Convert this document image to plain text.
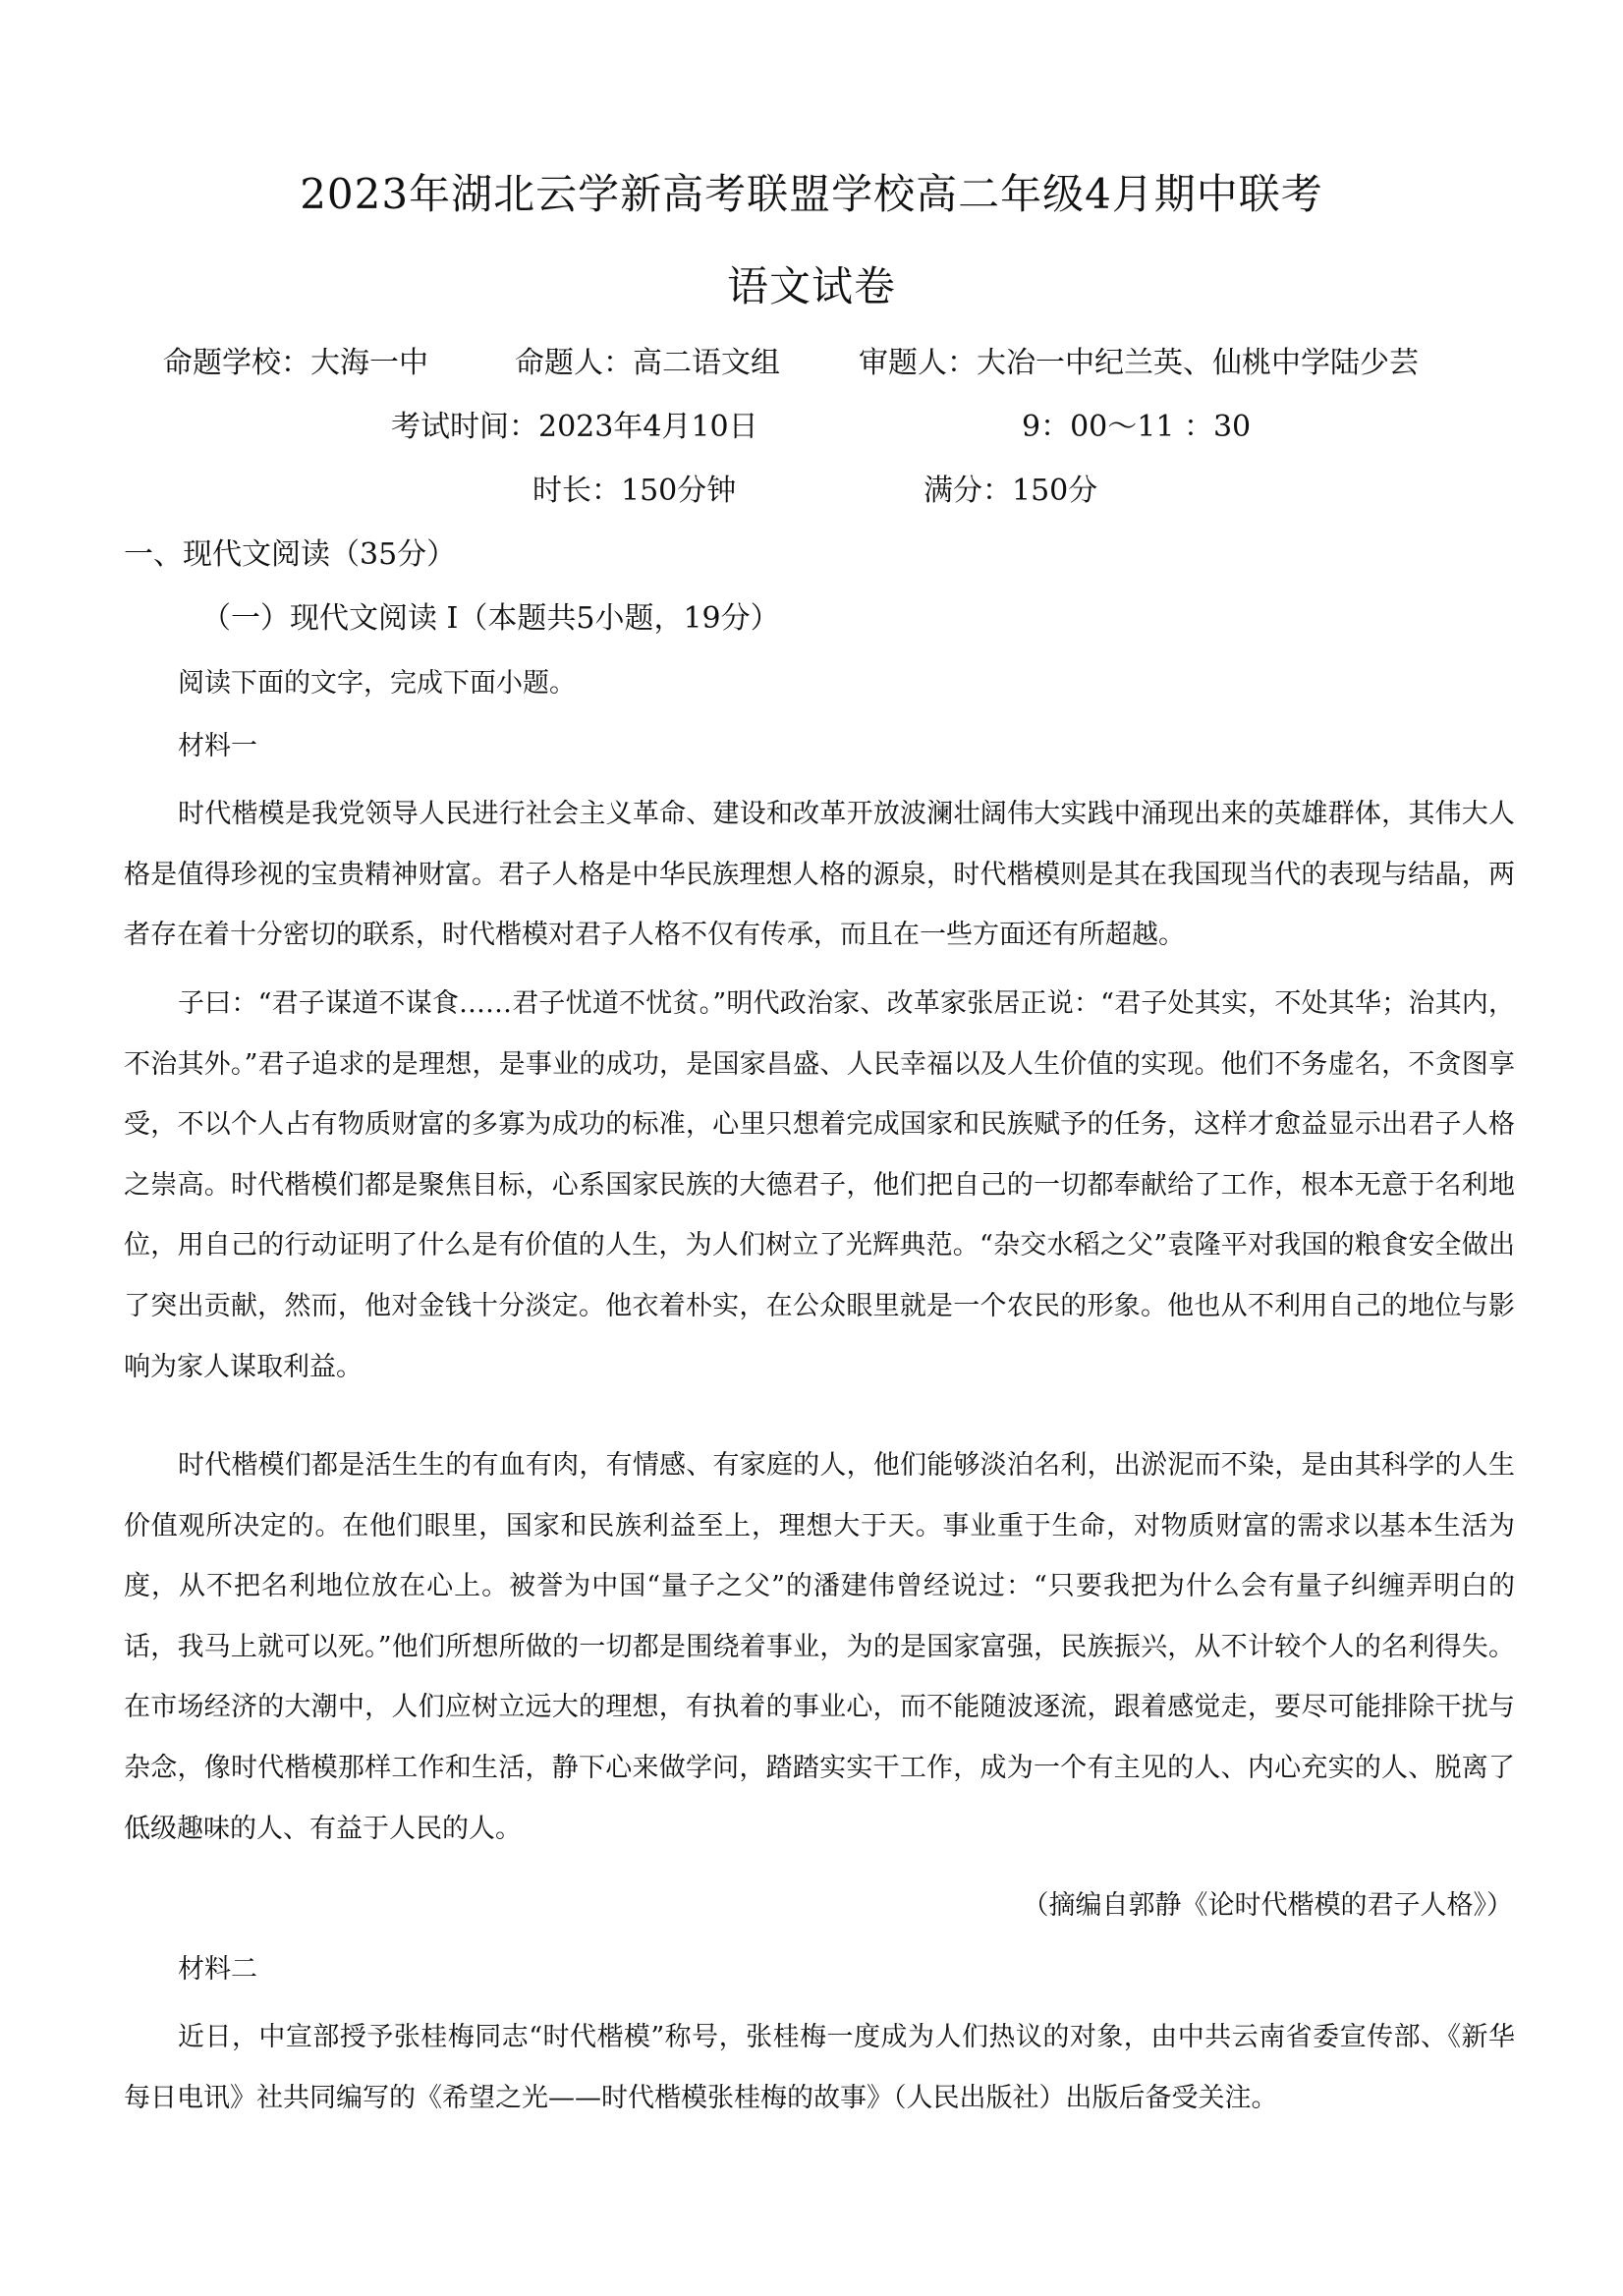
2023年湖北云学新高考联盟学校高二年级4月期中联考
语文试卷
命题学校：大海一中	命题人：高二语文组	审题人：大冶一中纪兰英、仙桃中学陆少芸
考试时间：2023年4月10日	9：00～11 ：30
时长：150分钟	满分：150分
一、现代文阅读（35分）
（一）现代文阅读 I（本题共5小题，19分）
阅读下面的文字，完成下面小题。
材料一
时代楷模是我党领导人民进行社会主义革命、建设和改革开放波澜壮阔伟大实践中涌现出来的英雄群体，其伟大人格是值得珍视的宝贵精神财富。君子人格是中华民族理想人格的源泉，时代楷模则是其在我国现当代的表现与结晶，两者存在着十分密切的联系，时代楷模对君子人格不仅有传承，而且在一些方面还有所超越。
子曰：“君子谋道不谋食……君子忧道不忧贫。”明代政治家、改革家张居正说：“君子处其实，不处其华；治其内，不治其外。”君子追求的是理想，是事业的成功，是国家昌盛、人民幸福以及人生价值的实现。他们不务虚名，不贪图享受，不以个人占有物质财富的多寡为成功的标准，心里只想着完成国家和民族赋予的任务，这样才愈益显示出君子人格之崇高。时代楷模们都是聚焦目标，心系国家民族的大德君子，他们把自己的一切都奉献给了工作，根本无意于名利地位，用自己的行动证明了什么是有价值的人生，为人们树立了光辉典范。“杂交水稻之父”袁隆平对我国的粮食安全做出了突出贡献，然而，他对金钱十分淡定。他衣着朴实，在公众眼里就是一个农民的形象。他也从不利用自己的地位与影响为家人谋取利益。
时代楷模们都是活生生的有血有肉，有情感、有家庭的人，他们能够淡泊名利，出淤泥而不染，是由其科学的人生价值观所决定的。在他们眼里，国家和民族利益至上，理想大于天。事业重于生命，对物质财富的需求以基本生活为度，从不把名利地位放在心上。被誉为中国“量子之父”的潘建伟曾经说过：“只要我把为什么会有量子纠缠弄明白的话，我马上就可以死。”他们所想所做的一切都是围绕着事业，为的是国家富强，民族振兴，从不计较个人的名利得失。在市场经济的大潮中，人们应树立远大的理想，有执着的事业心，而不能随波逐流，跟着感觉走，要尽可能排除干扰与杂念，像时代楷模那样工作和生活，静下心来做学问，踏踏实实干工作，成为一个有主见的人、内心充实的人、脱离了低级趣味的人、有益于人民的人。
（摘编自郭静《论时代楷模的君子人格》）
材料二
近日，中宣部授予张桂梅同志“时代楷模”称号，张桂梅一度成为人们热议的对象，由中共云南省委宣传部、《新华每日电讯》社共同编写的《希望之光——时代楷模张桂梅的故事》（人民出版社）出版后备受关注。
